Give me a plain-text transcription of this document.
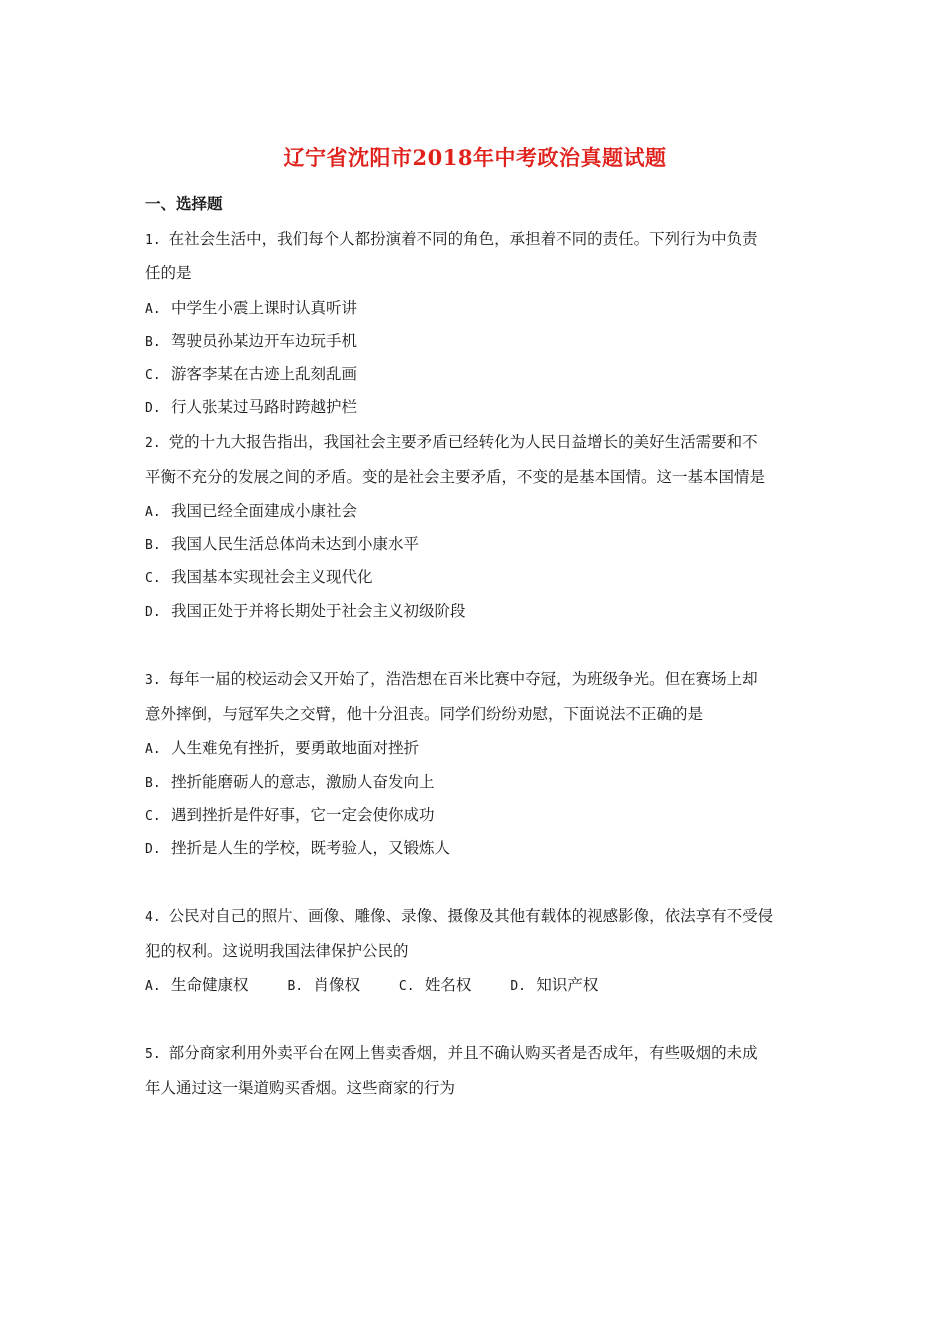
辽宁省沈阳市2018年中考政治真题试题
一、选择题
1. 在社会生活中，我们每个人都扮演着不同的角色，承担着不同的责任。下列行为中负责
任的是
A. 中学生小震上课时认真听讲
B. 驾驶员孙某边开车边玩手机
C. 游客李某在古迹上乱刻乱画
D. 行人张某过马路时跨越护栏
2. 党的十九大报告指出，我国社会主要矛盾已经转化为人民日益增长的美好生活需要和不
平衡不充分的发展之间的矛盾。变的是社会主要矛盾，不变的是基本国情。这一基本国情是
A. 我国已经全面建成小康社会
B. 我国人民生活总体尚未达到小康水平
C. 我国基本实现社会主义现代化
D. 我国正处于并将长期处于社会主义初级阶段
3. 每年一届的校运动会又开始了，浩浩想在百米比赛中夺冠，为班级争光。但在赛场上却
意外摔倒，与冠军失之交臂，他十分沮丧。同学们纷纷劝慰，下面说法不正确的是
A. 人生难免有挫折，要勇敢地面对挫折
B. 挫折能磨砺人的意志，激励人奋发向上
C. 遇到挫折是件好事，它一定会使你成功
D. 挫折是人生的学校，既考验人，又锻炼人
4. 公民对自己的照片、画像、雕像、录像、摄像及其他有载体的视感影像，依法享有不受侵
犯的权利。这说明我国法律保护公民的
A. 生命健康权	B. 肖像权	C. 姓名权	D. 知识产权
5. 部分商家利用外卖平台在网上售卖香烟，并且不确认购买者是否成年，有些吸烟的未成
年人通过这一渠道购买香烟。这些商家的行为
